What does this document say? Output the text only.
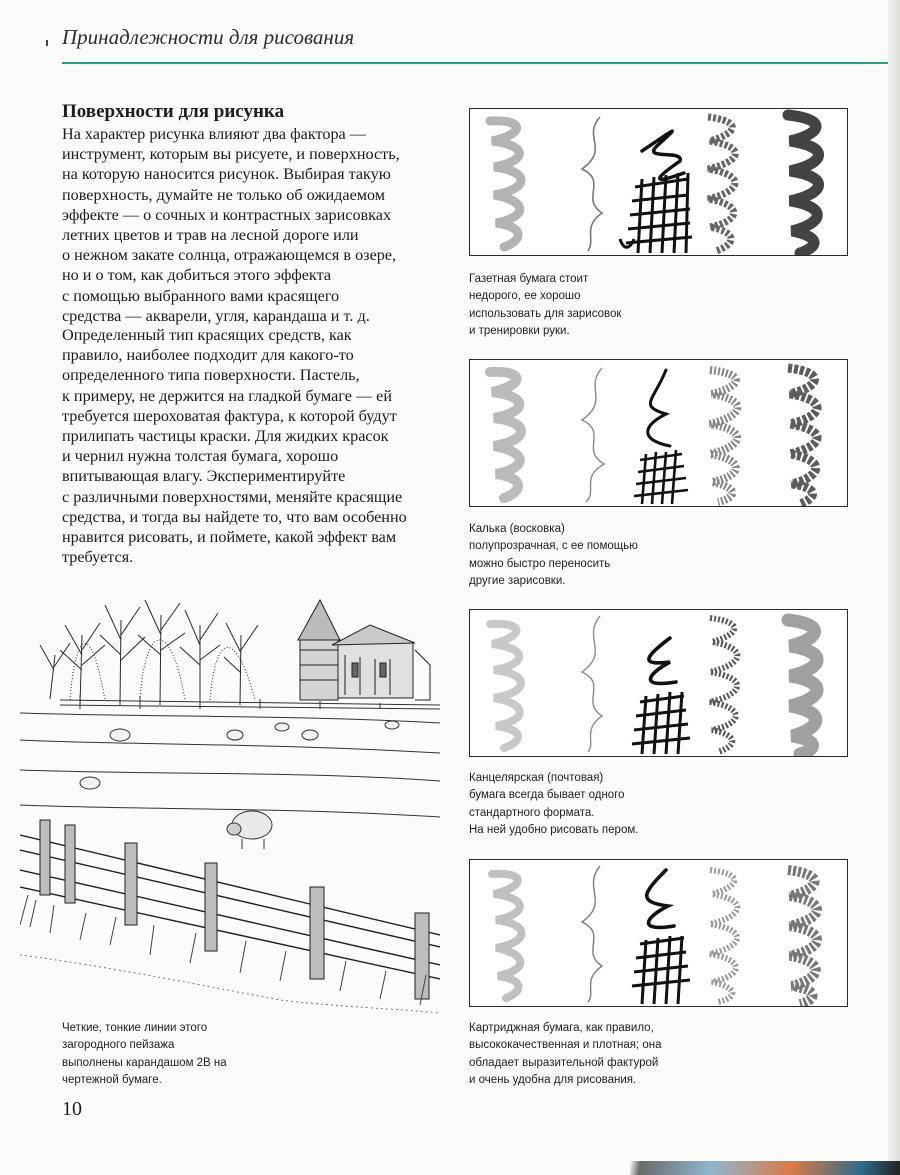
Принадлежности для рисования
Поверхности для рисунка
На характер рисунка влияют два фактора —
инструмент, которым вы рисуете, и поверхность,
на которую наносится рисунок. Выбирая такую
поверхность, думайте не только об ожидаемом
эффекте — о сочных и контрастных зарисовках
летних цветов и трав на лесной дороге или
о нежном закате солнца, отражающемся в озере,
но и о том, как добиться этого эффекта
с помощью выбранного вами красящего
средства — акварели, угля, карандаша и т. д.
Определенный тип красящих средств, как
правило, наиболее подходит для какого-то
определенного типа поверхности. Пастель,
к примеру, не держится на гладкой бумаге — ей
требуется шероховатая фактура, к которой будут
прилипать частицы краски. Для жидких красок
и чернил нужна толстая бумага, хорошо
впитывающая влагу. Экспериментируйте
с различными поверхностями, меняйте красящие
средства, и тогда вы найдете то, что вам особенно
нравится рисовать, и поймете, какой эффект вам
требуется.
Газетная бумага стоит
недорого, ее хорошо
использовать для зарисовок
и тренировки руки.
Калька (восковка)
полупрозрачная, с ее помощью
можно быстро переносить
другие зарисовки.
Канцелярская (почтовая)
бумага всегда бывает одного
стандартного формата.
На ней удобно рисовать пером.
Картриджная бумага, как правило,
высококачественная и плотная; она
обладает выразительной фактурой
и очень удобна для рисования.
Четкие, тонкие линии этого
загородного пейзажа
выполнены карандашом 2B на
чертежной бумаге.
10
